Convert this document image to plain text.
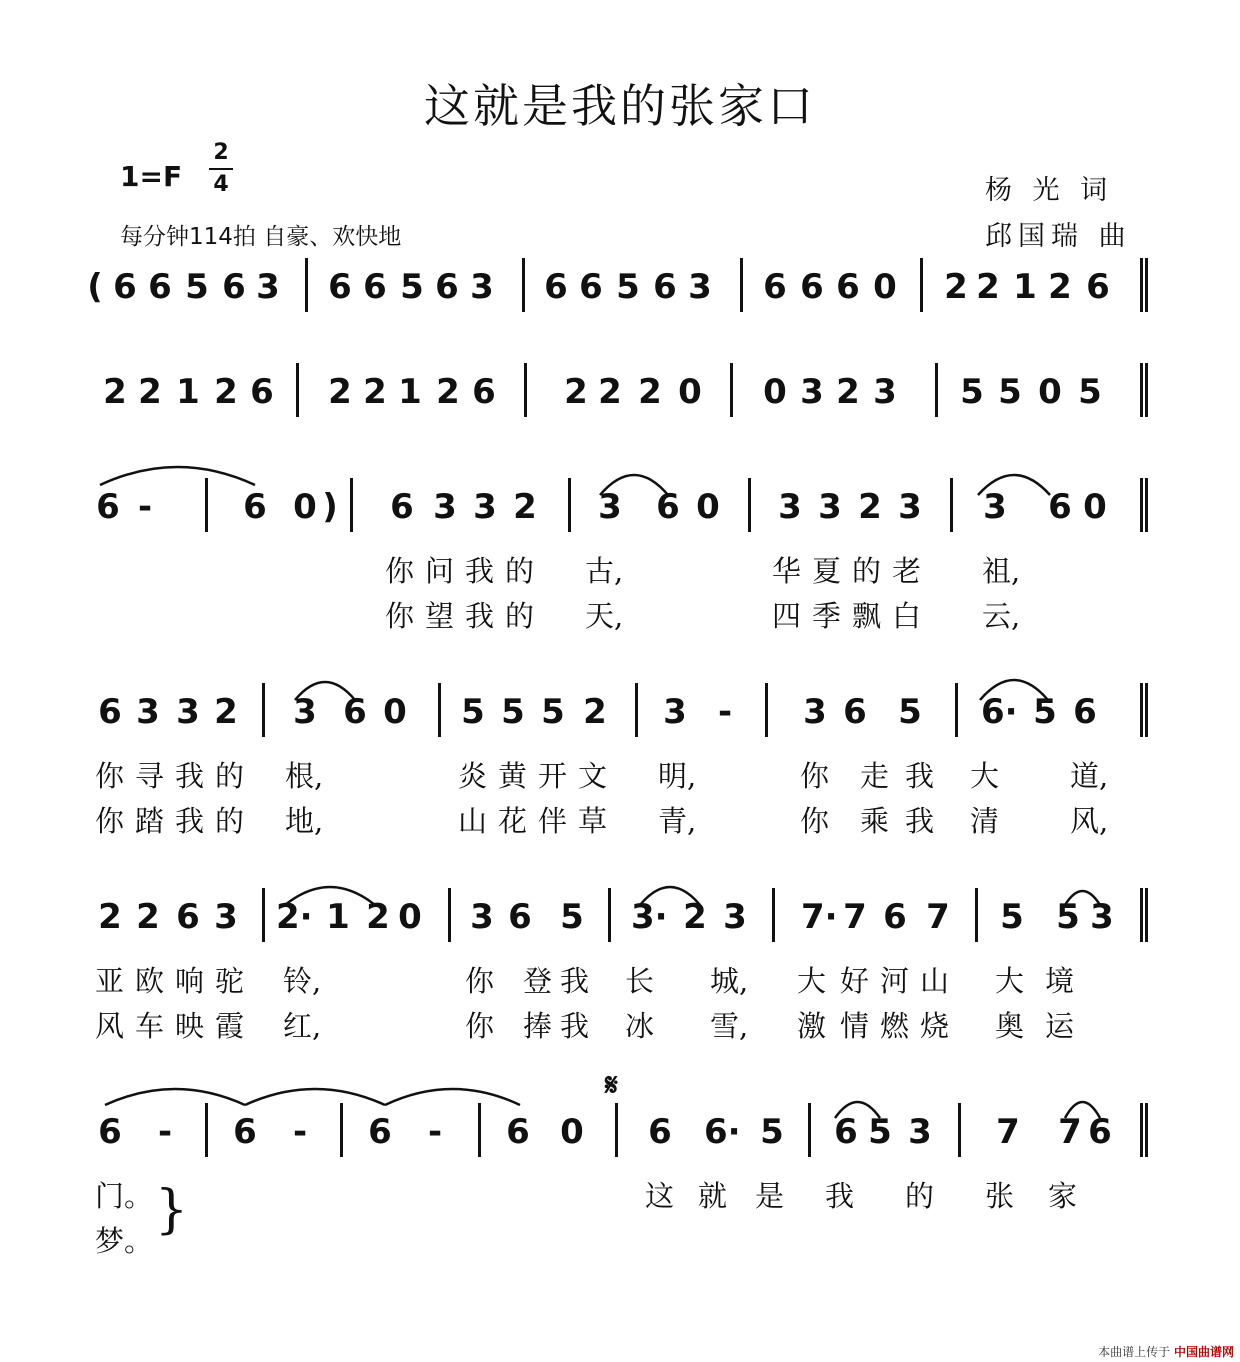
这就是我的张家口
1=F
2
4
每分钟114拍 自豪、欢快地
杨 光 词
邱国瑞 曲
( 6 6 5 6 3 6 6 5 6 3 6 6 5 6 3 6 6 6 0 2 2 1 2 6
2 2 1 2 6 2 2 1 2 6 2 2 2 0 0 3 2 3 5 5 0 5
6 -	6 0 ) 6 3 3 2 3 6 0 3 3 2 3 3 6 0
你 问 我 的 古,	华 夏 的 老 祖,
你 望 我 的 天,	四 季 飘 白 云,
6 3 3 2 3 6 0 5 5 5 2 3 - 3 6 5 6· 5 6
你 寻 我 的 根,	炎 黄 开 文 明,	你 走 我 大 道,
你 踏 我 的 地,	山 花 伴 草 青,	你 乘 我 清 风,
2 2 6 3 2· 1 2 0 3 6 5 3· 2 3 7· 7 6 7 5 5 3
亚 欧 响 驼 铃,	你 登 我 长 城, 大 好 河 山 大 境
风 车 映 霞 红,	你 捧 我 冰 雪, 激 情 燃 烧 奥 运
6 - 6 - 6 - 6 0 6 6· 5 6 5 3 7 7 6
门。	这 就 是 我 的 张 家
梦。
𝄋
}
本曲谱上传于 中国曲谱网
